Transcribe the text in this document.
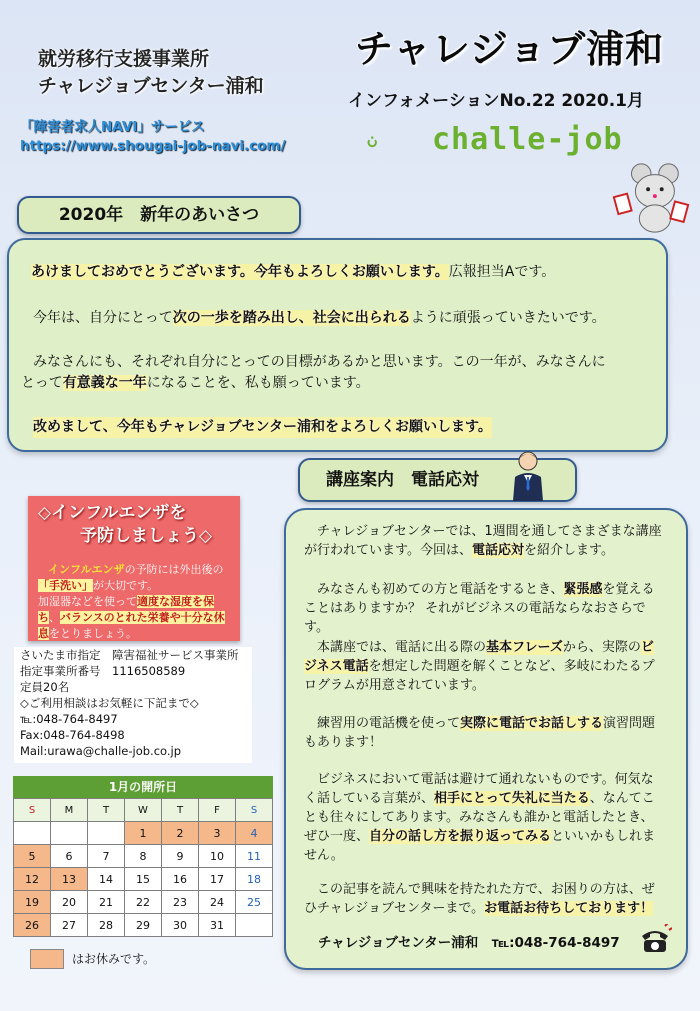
就労移行支援事業所
チャレジョブセンター浦和
「障害者求人NAVI」サービス
https://www.shougai-job-navi.com/
チャレジョブ浦和
インフォメーションNo.22 2020.1月
challe-job
2020年　新年のあいさつ

あけましておめでとうございます。今年もよろしくお願いします。広報担当Aです。

今年は、自分にとって次の一歩を踏み出し、社会に出られるように頑張っていきたいです。

みなさんにも、それぞれ自分にとっての目標があるかと思います。この一年が、みなさんに

とって有意義な一年になることを、私も願っています。

改めまして、今年もチャレジョブセンター浦和をよろしくお願いします。

講座案内　電話応対
チャレジョブセンターでは、1週間を通してさまざまな講座が行われています。今回は、電話応対を紹介します。
みなさんも初めての方と電話をするとき、緊張感を覚えることはありますか？ それがビジネスの電話ならなおさらです。
本講座では、電話に出る際の基本フレーズから、実際のビジネス電話を想定した問題を解くことなど、多岐にわたるプログラムが用意されています。
練習用の電話機を使って実際に電話でお話しする演習問題もあります！
ビジネスにおいて電話は避けて通れないものです。何気なく話している言葉が、相手にとって失礼に当たる、なんてことも往々にしてあります。みなさんも誰かと電話したとき、ぜひ一度、自分の話し方を振り返ってみるといいかもしれません。
この記事を読んで興味を持たれた方で、お困りの方は、ぜひチャレジョブセンターまで。お電話お待ちしております！
チャレジョブセンター浦和　℡:048-764-8497
◇インフルエンザを
予防しましょう◇
インフルエンザの予防には外出後の
「手洗い」が大切です。
加湿器などを使って適度な湿度を保
ち、バランスのとれた栄養や十分な休
息をとりましょう。
さいたま市指定　障害福祉サービス事業所
指定事業所番号　1116508589
定員20名
◇ご利用相談はお気軽に下記まで◇
℡:048-764-8497
Fax:048-764-8498
Mail:urawa@challe-job.co.jp
1月の開所日
S	M	T	W	T	F	S
			1	2	3	4
5	6	7	8	9	10	11
12	13	14	15	16	17	18
19	20	21	22	23	24	25
26	27	28	29	30	31	
はお休みです。
